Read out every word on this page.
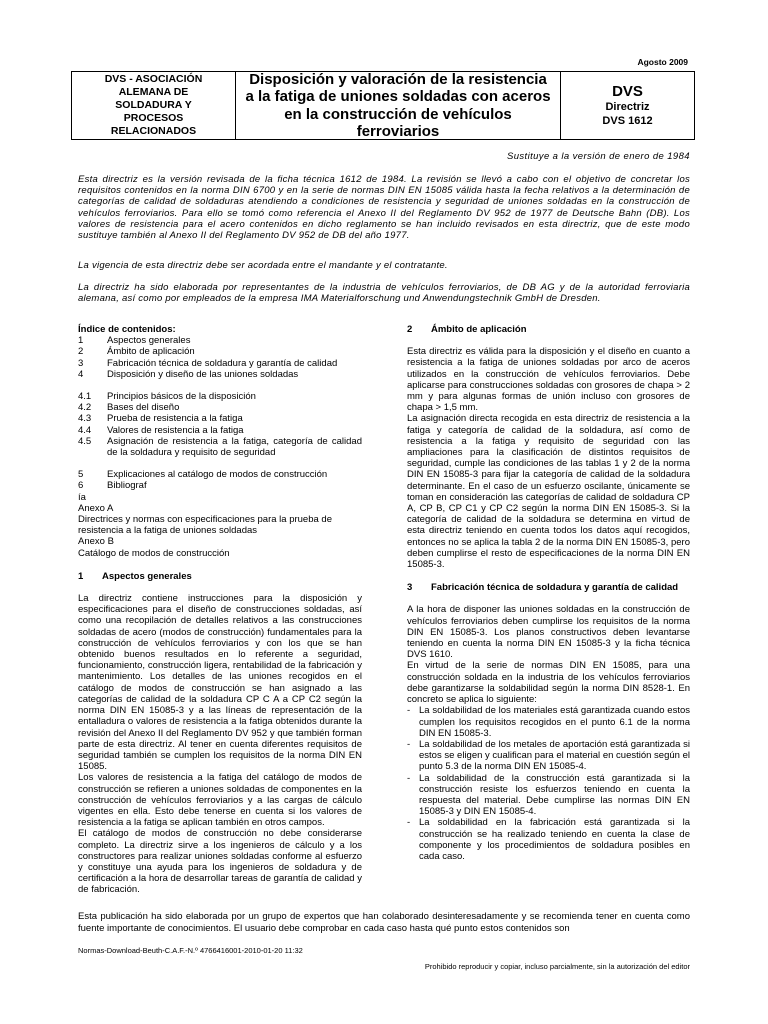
Agosto 2009
DVS - ASOCIACIÓN
ALEMANA DE
SOLDADURA Y
PROCESOS
RELACIONADOS
Disposición y valoración de la resistencia
a la fatiga de uniones soldadas con aceros
en la construcción de vehículos
ferroviarios
DVS
Directriz
DVS 1612
Sustituye a la versión de enero de 1984

Esta directriz es la versión revisada de la ficha técnica 1612 de 1984. La revisión se llevó a cabo con el objetivo de concretar los requisitos contenidos en la norma DIN 6700 y en la serie de normas DIN EN 15085 válida hasta la fecha relativos a la determinación de categorías de calidad de soldaduras atendiendo a condiciones de resistencia y seguridad de uniones soldadas en la construcción de vehículos ferroviarios. Para ello se tomó como referencia el Anexo II del Reglamento DV 952 de 1977 de Deutsche Bahn (DB). Los valores de resistencia para el acero contenidos en dicho reglamento se han incluido revisados en esta directriz, que de este modo sustituye también al Anexo II del Reglamento DV 952 de DB del año 1977.

La vigencia de esta directriz debe ser acordada entre el mandante y el contratante.

La directriz ha sido elaborada por representantes de la industria de vehículos ferroviarios, de DB AG y de la autoridad ferroviaria alemana, así como por empleados de la empresa IMA Materialforschung und Anwendungstechnik GmbH de Dresden.

Índice de contenidos:
1	Aspectos generales
2	Ámbito de aplicación
3	Fabricación técnica de soldadura y garantía de calidad
4	Disposición y diseño de las uniones soldadas
4.1	Principios básicos de la disposición
4.2	Bases del diseño
4.3	Prueba de resistencia a la fatiga
4.4	Valores de resistencia a la fatiga
4.5	Asignación de resistencia a la fatiga, categoría de calidad de la soldadura y requisito de seguridad
5	Explicaciones al catálogo de modos de construcción
6	Bibliograf
ía
Anexo A
Directrices y normas con especificaciones para la prueba de resistencia a la fatiga de uniones soldadas
Anexo B
Catálogo de modos de construcción
1	Aspectos generales

La directriz contiene instrucciones para la disposición y especificaciones para el diseño de construcciones soldadas, así como una recopilación de detalles relativos a las construcciones soldadas de acero (modos de construcción) fundamentales para la construcción de vehículos ferroviarios y con los que se han obtenido buenos resultados en lo referente a seguridad, funcionamiento, construcción ligera, rentabilidad de la fabricación y mantenimiento. Los detalles de las uniones recogidos en el catálogo de modos de construcción se han asignado a las categorías de calidad de la soldadura CP C A a CP C2 según la norma DIN EN 15085-3 y a las líneas de representación de la entalladura o valores de resistencia a la fatiga obtenidos durante la revisión del Anexo II del Reglamento DV 952 y que también forman parte de esta directriz. Al tener en cuenta diferentes requisitos de seguridad también se cumplen los requisitos de la norma DIN EN 15085.

Los valores de resistencia a la fatiga del catálogo de modos de construcción se refieren a uniones soldadas de componentes en la construcción de vehículos ferroviarios y a las cargas de cálculo vigentes en ella. Esto debe tenerse en cuenta si los valores de resistencia a la fatiga se aplican también en otros campos.

El catálogo de modos de construcción no debe considerarse completo. La directriz sirve a los ingenieros de cálculo y a los constructores para realizar uniones soldadas conforme al esfuerzo y constituye una ayuda para los ingenieros de soldadura y de certificación a la hora de desarrollar tareas de garantía de calidad y de fabricación.

2	Ámbito de aplicación

Esta directriz es válida para la disposición y el diseño en cuanto a resistencia a la fatiga de uniones soldadas por arco de aceros utilizados en la construcción de vehículos ferroviarios. Debe aplicarse para construcciones soldadas con grosores de chapa > 2 mm y para algunas formas de unión incluso con grosores de chapa > 1,5 mm.

La asignación directa recogida en esta directriz de resistencia a la fatiga y categoría de calidad de la soldadura, así como de resistencia a la fatiga y requisito de seguridad con las ampliaciones para la clasificación de distintos requisitos de seguridad, cumple las condiciones de las tablas 1 y 2 de la norma DIN EN 15085-3 para fijar la categoría de calidad de la soldadura determinante. En el caso de un esfuerzo oscilante, únicamente se toman en consideración las categorías de calidad de soldadura CP A, CP B, CP C1 y CP C2 según la norma DIN EN 15085-3. Si la categoría de calidad de la soldadura se determina en virtud de esta directriz teniendo en cuenta todos los datos aquí recogidos, entonces no se aplica la tabla 2 de la norma DIN EN 15085-3, pero deben cumplirse el resto de especificaciones de la norma DIN EN 15085-3.

3	Fabricación técnica de soldadura y garantía de calidad

A la hora de disponer las uniones soldadas en la construcción de vehículos ferroviarios deben cumplirse los requisitos de la norma DIN EN 15085-3. Los planos constructivos deben levantarse teniendo en cuenta la norma DIN EN 15085-3 y la ficha técnica DVS 1610.

En virtud de la serie de normas DIN EN 15085, para una construcción soldada en la industria de los vehículos ferroviarios debe garantizarse la soldabilidad según la norma DIN 8528-1. En concreto se aplica lo siguiente:

- La soldabilidad de los materiales está garantizada cuando estos cumplen los requisitos recogidos en el punto 6.1 de la norma DIN EN 15085-3.
- La soldabilidad de los metales de aportación está garantizada si estos se eligen y cualifican para el material en cuestión según el punto 5.3 de la norma DIN EN 15085-4.
- La soldabilidad de la construcción está garantizada si la construcción resiste los esfuerzos teniendo en cuenta la respuesta del material. Debe cumplirse las normas DIN EN 15085-3 y DIN EN 15085-4.
- La soldabilidad en la fabricación está garantizada si la construcción se ha realizado teniendo en cuenta la clase de componente y los procedimientos de soldadura posibles en cada caso.

Esta publicación ha sido elaborada por un grupo de expertos que han colaborado desinteresadamente y se recomienda tener en cuenta como fuente importante de conocimientos. El usuario debe comprobar en cada caso hasta qué punto estos contenidos son

Normas-Download-Beuth-C.A.F.-N.º 4766416001-2010-01-20 11:32
Prohibido reproducir y copiar, incluso parcialmente, sin la autorización del editor
